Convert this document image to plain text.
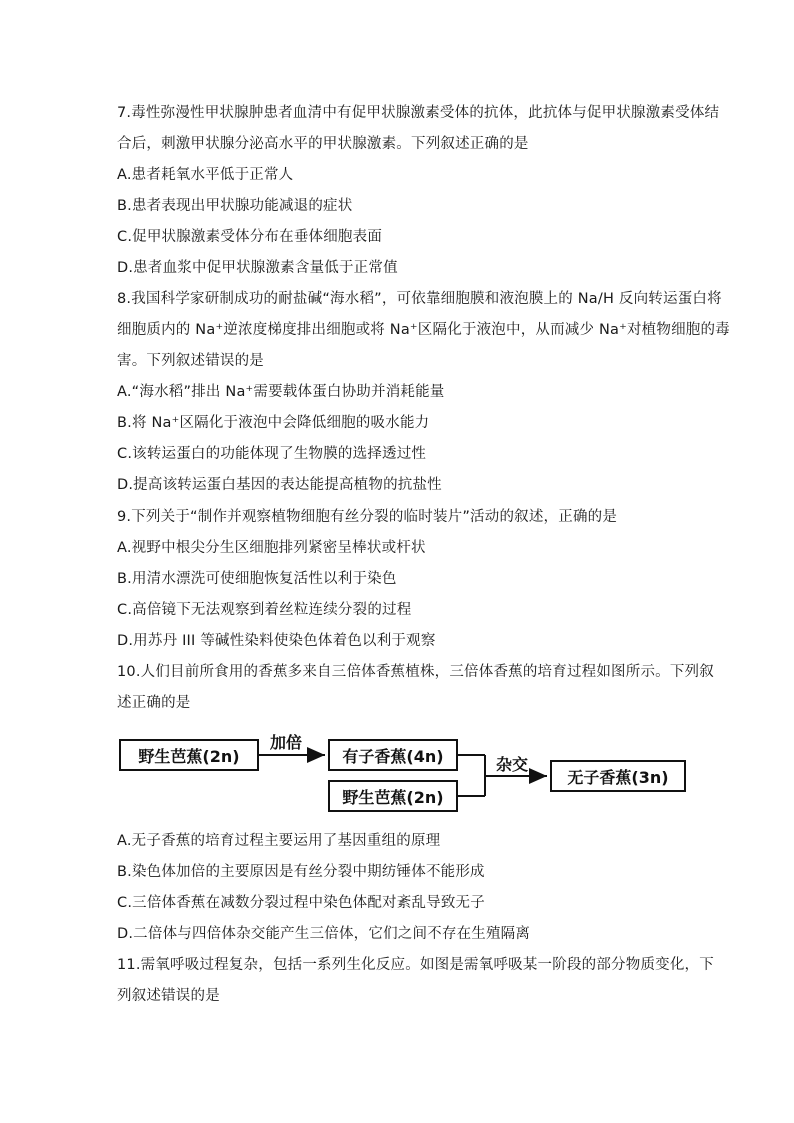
7.毒性弥漫性甲状腺肿患者血清中有促甲状腺激素受体的抗体，此抗体与促甲状腺激素受体结
合后，刺激甲状腺分泌高水平的甲状腺激素。下列叙述正确的是
A.患者耗氧水平低于正常人
B.患者表现出甲状腺功能减退的症状
C.促甲状腺激素受体分布在垂体细胞表面
D.患者血浆中促甲状腺激素含量低于正常值
8.我国科学家研制成功的耐盐碱“海水稻”，可依靠细胞膜和液泡膜上的 Na/H 反向转运蛋白将
细胞质内的 Na⁺逆浓度梯度排出细胞或将 Na⁺区隔化于液泡中，从而减少 Na⁺对植物细胞的毒
害。下列叙述错误的是
A.“海水稻”排出 Na⁺需要载体蛋白协助并消耗能量
B.将 Na⁺区隔化于液泡中会降低细胞的吸水能力
C.该转运蛋白的功能体现了生物膜的选择透过性
D.提高该转运蛋白基因的表达能提高植物的抗盐性
9.下列关于“制作并观察植物细胞有丝分裂的临时装片”活动的叙述，正确的是
A.视野中根尖分生区细胞排列紧密呈棒状或杆状
B.用清水漂洗可使细胞恢复活性以利于染色
C.高倍镜下无法观察到着丝粒连续分裂的过程
D.用苏丹 III 等碱性染料使染色体着色以利于观察
10.人们目前所食用的香蕉多来自三倍体香蕉植株，三倍体香蕉的培育过程如图所示。下列叙
述正确的是
野生芭蕉(2n)
加倍
有子香蕉(4n)
野生芭蕉(2n)
杂交
无子香蕉(3n)
A.无子香蕉的培育过程主要运用了基因重组的原理
B.染色体加倍的主要原因是有丝分裂中期纺锤体不能形成
C.三倍体香蕉在减数分裂过程中染色体配对紊乱导致无子
D.二倍体与四倍体杂交能产生三倍体，它们之间不存在生殖隔离
11.需氧呼吸过程复杂，包括一系列生化反应。如图是需氧呼吸某一阶段的部分物质变化，下
列叙述错误的是
